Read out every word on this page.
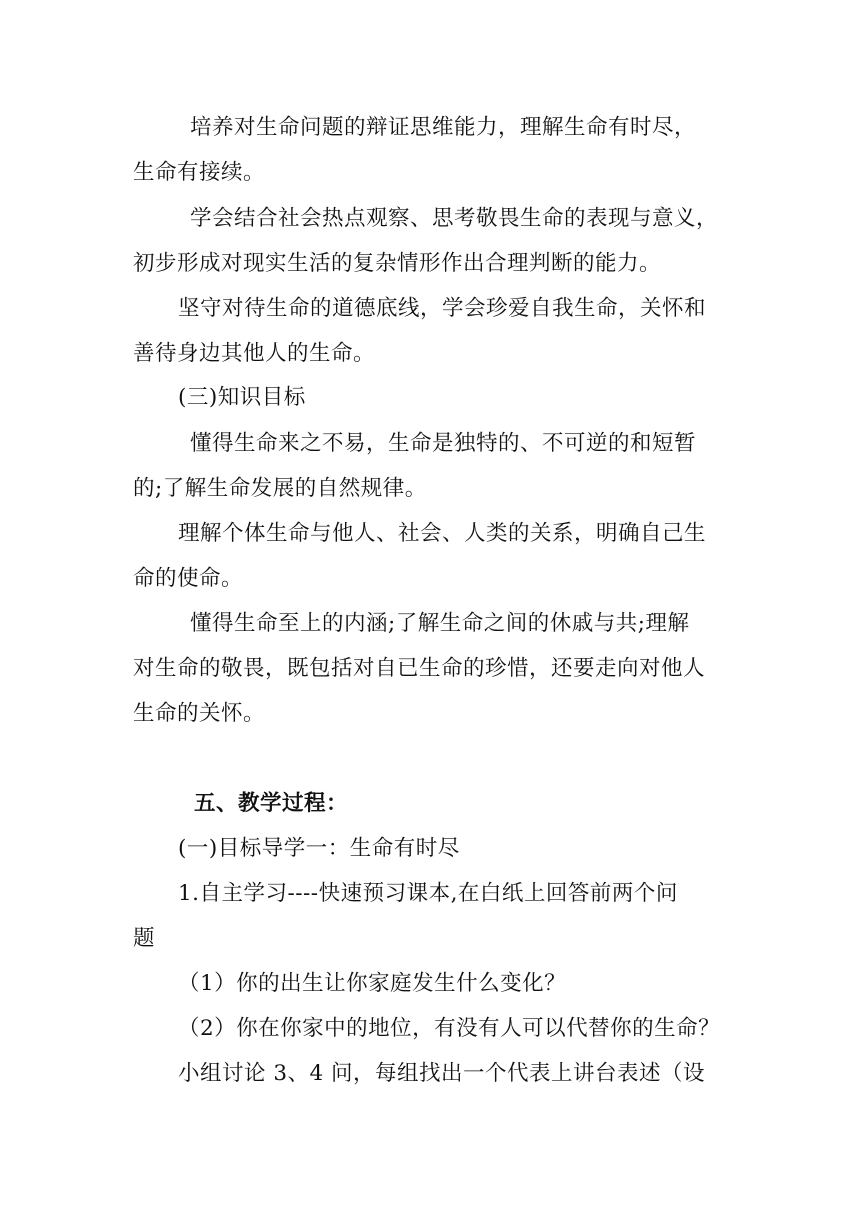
培养对生命问题的辩证思维能力，理解生命有时尽，
生命有接续。
学会结合社会热点观察、思考敬畏生命的表现与意义，
初步形成对现实生活的复杂情形作出合理判断的能力。
坚守对待生命的道德底线，学会珍爱自我生命，关怀和
善待身边其他人的生命。
(三)知识目标
懂得生命来之不易，生命是独特的、不可逆的和短暂
的;了解生命发展的自然规律。
理解个体生命与他人、社会、人类的关系，明确自己生
命的使命。
懂得生命至上的内涵;了解生命之间的休戚与共;理解
对生命的敬畏，既包括对自已生命的珍惜，还要走向对他人
生命的关怀。
五、教学过程：
(一)目标导学一：生命有时尽
1.自主学习----快速预习课本,在白纸上回答前两个问
题
（1）你的出生让你家庭发生什么变化？
（2）你在你家中的地位，有没有人可以代替你的生命？
小组讨论 3、4 问，每组找出一个代表上讲台表述（设
